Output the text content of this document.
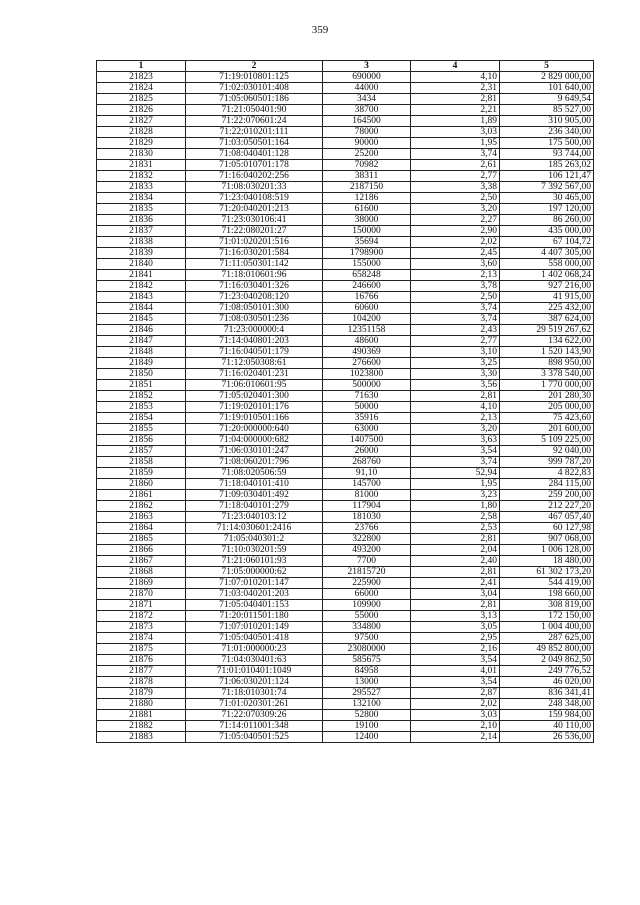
359
1	2	3	4	5
21823	71:19:010801:125	690000	4,10	2 829 000,00
21824	71:02:030101:408	44000	2,31	101 640,00
21825	71:05:060501:186	3434	2,81	9 649,54
21826	71:21:050401:90	38700	2,21	85 527,00
21827	71:22:070601:24	164500	1,89	310 905,00
21828	71:22:010201:111	78000	3,03	236 340,00
21829	71:03:050501:164	90000	1,95	175 500,00
21830	71:08:040401:128	25200	3,74	93 744,00
21831	71:05:010701:178	70982	2,61	185 263,02
21832	71:16:040202:256	38311	2,77	106 121,47
21833	71:08:030201:33	2187150	3,38	7 392 567,00
21834	71:23:040108:519	12186	2,50	30 465,00
21835	71:20:040201:213	61600	3,20	197 120,00
21836	71:23:030106:41	38000	2,27	86 260,00
21837	71:22:080201:27	150000	2,90	435 000,00
21838	71:01:020201:516	35694	2,02	67 104,72
21839	71:16:030201:584	1798900	2,45	4 407 305,00
21840	71:11:050301:142	155000	3,60	558 000,00
21841	71:18:010601:96	658248	2,13	1 402 068,24
21842	71:16:030401:326	246600	3,78	927 216,00
21843	71:23:040208:120	16766	2,50	41 915,00
21844	71:08:050101:300	60600	3,74	225 432,00
21845	71:08:030501:236	104200	3,74	387 624,00
21846	71:23:000000:4	12351158	2,43	29 519 267,62
21847	71:14:040801:203	48600	2,77	134 622,00
21848	71:16:040501:179	490369	3,10	1 520 143,90
21849	71:12:050308:61	276600	3,25	898 950,00
21850	71:16:020401:231	1023800	3,30	3 378 540,00
21851	71:06:010601:95	500000	3,56	1 770 000,00
21852	71:05:020401:300	71630	2,81	201 280,30
21853	71:19:020101:176	50000	4,10	205 000,00
21854	71:19:010501:166	35916	2,13	75 423,60
21855	71:20:000000:640	63000	3,20	201 600,00
21856	71:04:000000:682	1407500	3,63	5 109 225,00
21857	71:06:030101:247	26000	3,54	92 040,00
21858	71:08:060201:796	268760	3,74	999 787,20
21859	71:08:020506:59	91,10	52,94	4 822,83
21860	71:18:040101:410	145700	1,95	284 115,00
21861	71:09:030401:492	81000	3,23	259 200,00
21862	71:18:040101:279	117904	1,80	212 227,20
21863	71:23:040103:12	181030	2,58	467 057,40
21864	71:14:030601:2416	23766	2,53	60 127,98
21865	71:05:040301:2	322800	2,81	907 068,00
21866	71:10:030201:59	493200	2,04	1 006 128,00
21867	71:21:060101:93	7700	2,40	18 480,00
21868	71:05:000000:62	21815720	2,81	61 302 173,20
21869	71:07:010201:147	225900	2,41	544 419,00
21870	71:03:040201:203	66000	3,04	198 660,00
21871	71:05:040401:153	109900	2,81	308 819,00
21872	71:20:011501:180	55000	3,13	172 150,00
21873	71:07:010201:149	334800	3,05	1 004 400,00
21874	71:05:040501:418	97500	2,95	287 625,00
21875	71:01:000000:23	23080000	2,16	49 852 800,00
21876	71:04:030401:63	585675	3,54	2 049 862,50
21877	71:01:010401:1049	84958	4,01	249 776,52
21878	71:06:030201:124	13000	3,54	46 020,00
21879	71:18:010301:74	295527	2,87	836 341,41
21880	71:01:020301:261	132100	2,02	248 348,00
21881	71:22:070309:26	52800	3,03	159 984,00
21882	71:14:011001:348	19100	2,10	40 110,00
21883	71:05:040501:525	12400	2,14	26 536,00
